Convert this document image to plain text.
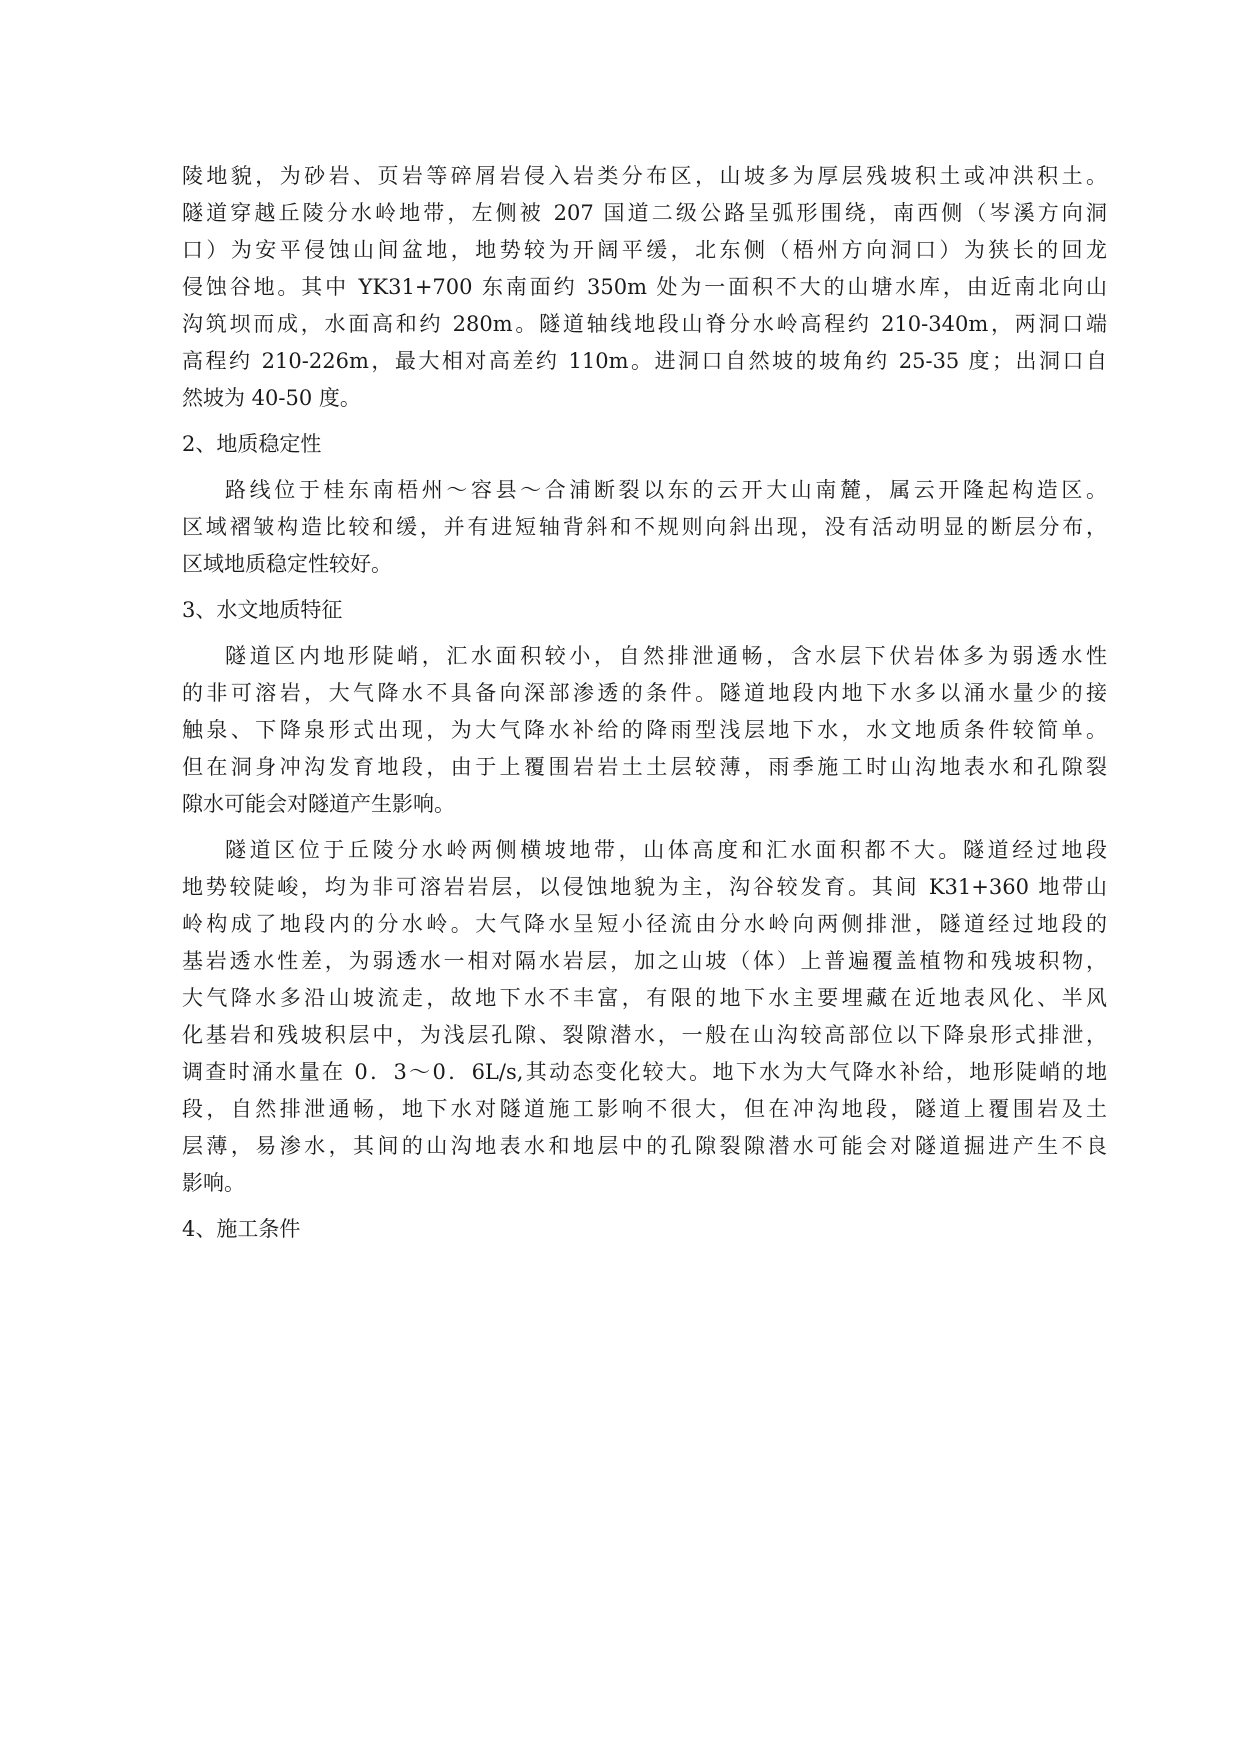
陵地貌，为砂岩、页岩等碎屑岩侵入岩类分布区，山坡多为厚层残坡积土或冲洪积土。
隧道穿越丘陵分水岭地带，左侧被 207 国道二级公路呈弧形围绕，南西侧（岑溪方向洞
口）为安平侵蚀山间盆地，地势较为开阔平缓，北东侧（梧州方向洞口）为狭长的回龙
侵蚀谷地。其中 YK31+700 东南面约 350m 处为一面积不大的山塘水库，由近南北向山
沟筑坝而成，水面高和约 280m。隧道轴线地段山脊分水岭高程约 210-340m，两洞口端
高程约 210-226m，最大相对高差约 110m。进洞口自然坡的坡角约 25-35 度；出洞口自
然坡为 40-50 度。
2、地质稳定性
路线位于桂东南梧州～容县～合浦断裂以东的云开大山南麓，属云开隆起构造区。
区域褶皱构造比较和缓，并有进短轴背斜和不规则向斜出现，没有活动明显的断层分布，
区域地质稳定性较好。
3、水文地质特征
隧道区内地形陡峭，汇水面积较小，自然排泄通畅，含水层下伏岩体多为弱透水性
的非可溶岩，大气降水不具备向深部渗透的条件。隧道地段内地下水多以涌水量少的接
触泉、下降泉形式出现，为大气降水补给的降雨型浅层地下水，水文地质条件较简单。
但在洞身冲沟发育地段，由于上覆围岩岩土土层较薄，雨季施工时山沟地表水和孔隙裂
隙水可能会对隧道产生影响。
隧道区位于丘陵分水岭两侧横坡地带，山体高度和汇水面积都不大。隧道经过地段
地势较陡峻，均为非可溶岩岩层，以侵蚀地貌为主，沟谷较发育。其间 K31+360 地带山
岭构成了地段内的分水岭。大气降水呈短小径流由分水岭向两侧排泄，隧道经过地段的
基岩透水性差，为弱透水一相对隔水岩层，加之山坡（体）上普遍覆盖植物和残坡积物，
大气降水多沿山坡流走，故地下水不丰富，有限的地下水主要埋藏在近地表风化、半风
化基岩和残坡积层中，为浅层孔隙、裂隙潜水，一般在山沟较高部位以下降泉形式排泄，
调查时涌水量在 0．3～0．6L/s,其动态变化较大。地下水为大气降水补给，地形陡峭的地
段，自然排泄通畅，地下水对隧道施工影响不很大，但在冲沟地段，隧道上覆围岩及土
层薄，易渗水，其间的山沟地表水和地层中的孔隙裂隙潜水可能会对隧道掘进产生不良
影响。
4、施工条件
